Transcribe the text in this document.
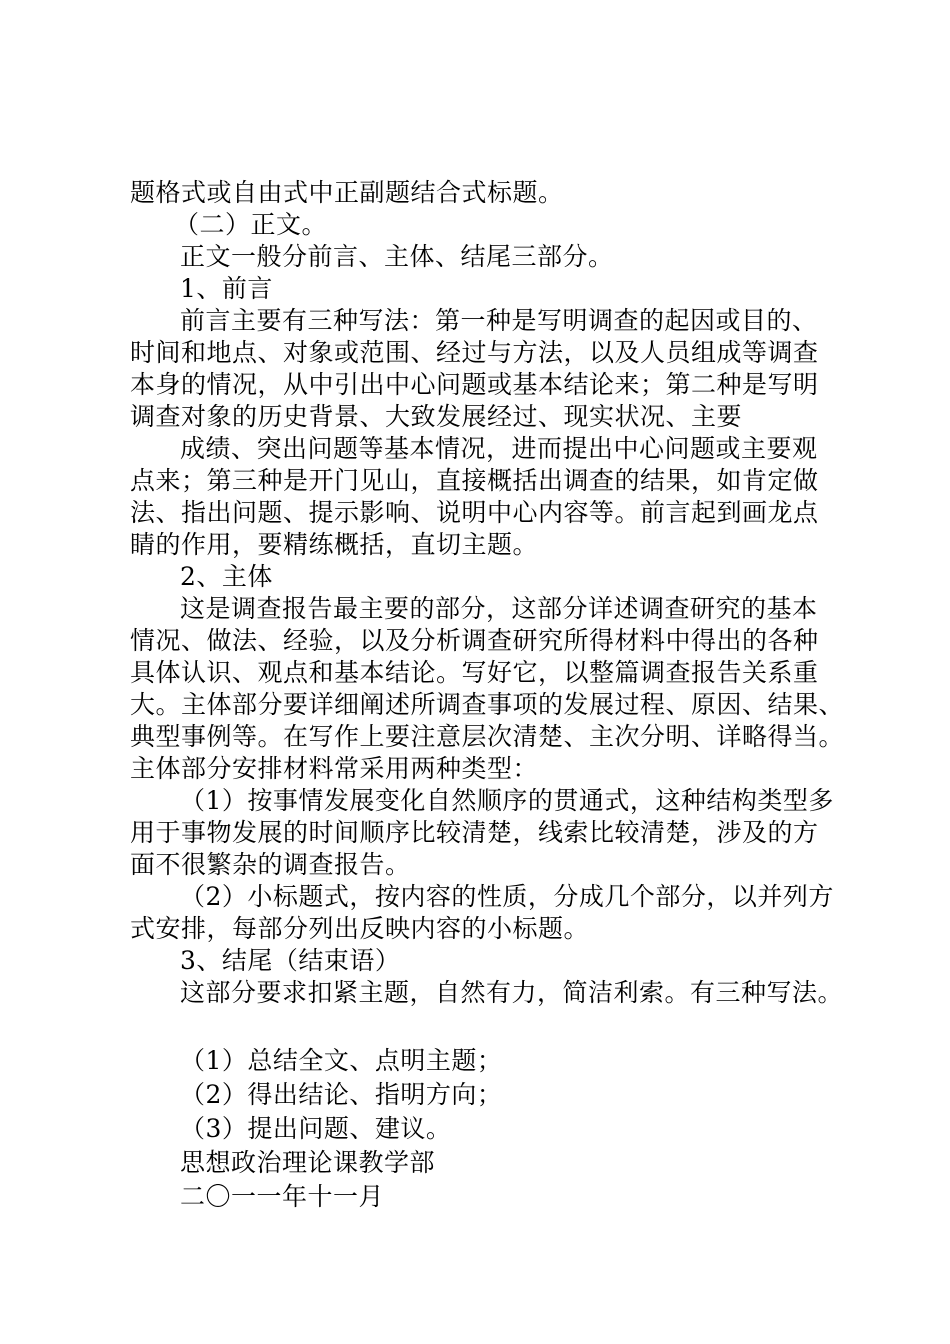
题格式或自由式中正副题结合式标题。
（二）正文。
正文一般分前言、主体、结尾三部分。
1、前言
前言主要有三种写法：第一种是写明调查的起因或目的、
时间和地点、对象或范围、经过与方法，以及人员组成等调查
本身的情况，从中引出中心问题或基本结论来；第二种是写明
调查对象的历史背景、大致发展经过、现实状况、主要
成绩、突出问题等基本情况，进而提出中心问题或主要观
点来；第三种是开门见山，直接概括出调查的结果，如肯定做
法、指出问题、提示影响、说明中心内容等。前言起到画龙点
睛的作用，要精练概括，直切主题。
2、主体
这是调查报告最主要的部分，这部分详述调查研究的基本
情况、做法、经验，以及分析调查研究所得材料中得出的各种
具体认识、观点和基本结论。写好它，以整篇调查报告关系重
大。主体部分要详细阐述所调查事项的发展过程、原因、结果、
典型事例等。在写作上要注意层次清楚、主次分明、详略得当。
主体部分安排材料常采用两种类型：
（1）按事情发展变化自然顺序的贯通式，这种结构类型多
用于事物发展的时间顺序比较清楚，线索比较清楚，涉及的方
面不很繁杂的调查报告。
（2）小标题式，按内容的性质，分成几个部分，以并列方
式安排，每部分列出反映内容的小标题。
3、结尾（结束语）
这部分要求扣紧主题，自然有力，简洁利索。有三种写法。
（1）总结全文、点明主题；
（2）得出结论、指明方向；
（3）提出问题、建议。
思想政治理论课教学部
二〇一一年十一月
